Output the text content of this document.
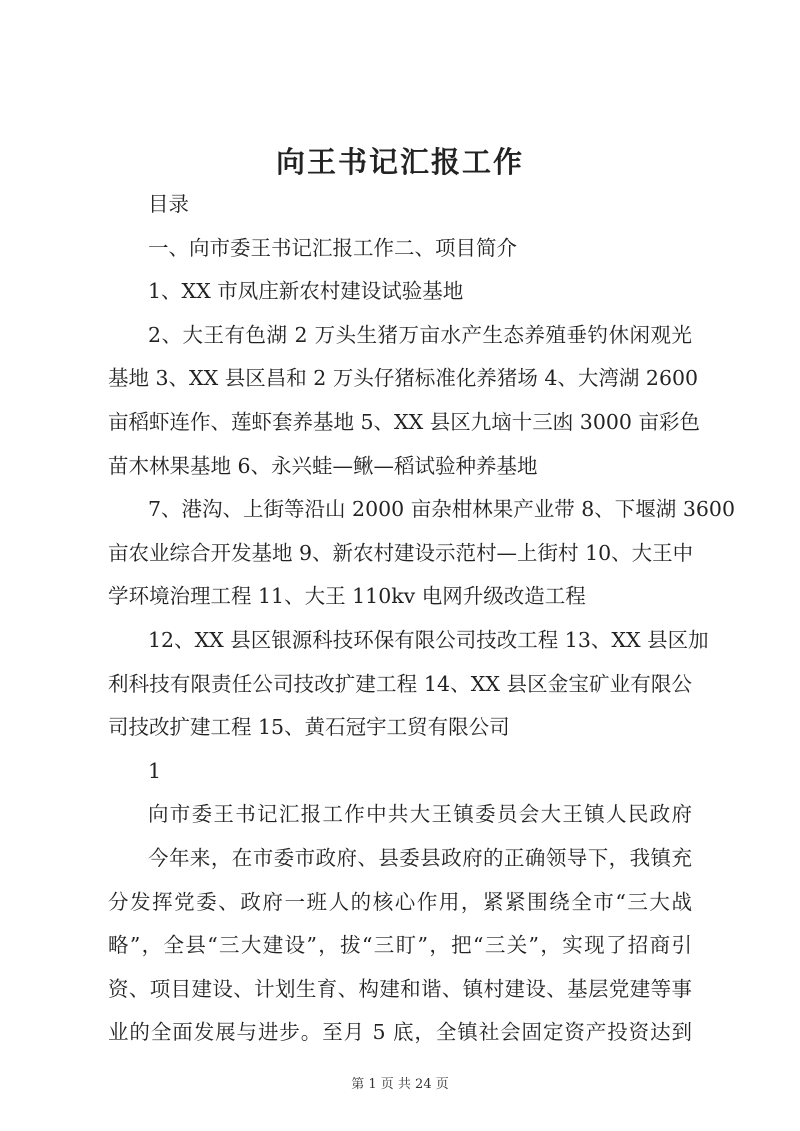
向王书记汇报工作
目录
一、向市委王书记汇报工作二、项目简介
1、XX 市凤庄新农村建设试验基地
2、大王有色湖 2 万头生猪万亩水产生态养殖垂钓休闲观光
基地 3、XX 县区昌和 2 万头仔猪标准化养猪场 4、大湾湖 2600
亩稻虾连作、莲虾套养基地 5、XX 县区九垴十三凼 3000 亩彩色
苗木林果基地 6、永兴蛙—鳅—稻试验种养基地
7、港沟、上街等沿山 2000 亩杂柑林果产业带 8、下堰湖 3600
亩农业综合开发基地 9、新农村建设示范村—上街村 10、大王中
学环境治理工程 11、大王 110kv 电网升级改造工程
12、XX 县区银源科技环保有限公司技改工程 13、XX 县区加
利科技有限责任公司技改扩建工程 14、XX 县区金宝矿业有限公
司技改扩建工程 15、黄石冠宇工贸有限公司
1
向市委王书记汇报工作中共大王镇委员会大王镇人民政府
今年来，在市委市政府、县委县政府的正确领导下，我镇充
分发挥党委、政府一班人的核心作用，紧紧围绕全市“三大战
略”，全县“三大建设”，拔“三盯”，把“三关”，实现了招商引
资、项目建设、计划生育、构建和谐、镇村建设、基层党建等事
业的全面发展与进步。至月 5 底，全镇社会固定资产投资达到
第 1 页 共 24 页
